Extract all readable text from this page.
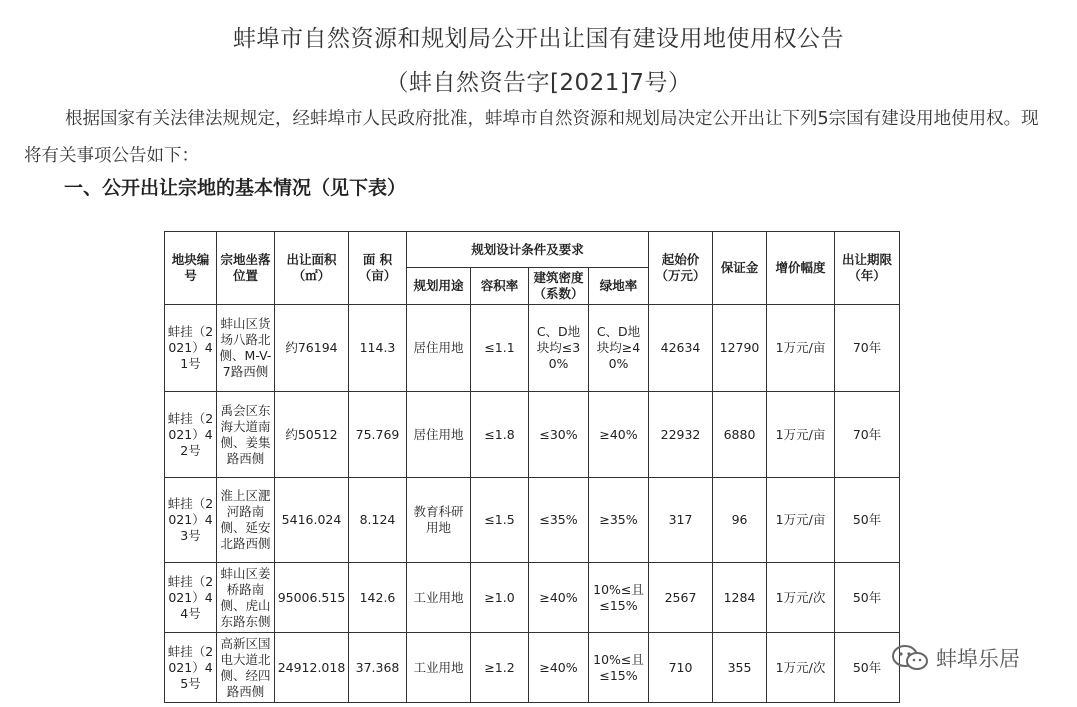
蚌埠市自然资源和规划局公开出让国有建设用地使用权公告
（蚌自然资告字[2021]7号）
根据国家有关法律法规规定，经蚌埠市人民政府批准，蚌埠市自然资源和规划局决定公开出让下列5宗国有建设用地使用权。现将有关事项公告如下：
一、公开出让宗地的基本情况（见下表）
地块编号	宗地坐落位置	出让面积（㎡）	面 积（亩）	规划设计条件及要求				起始价（万元）	保证金	增价幅度	出让期限（年）
				规划用途	容积率	建筑密度（系数）	绿地率				
蚌挂（2021）41号	蚌山区货场八路北侧、M-V-7路西侧	约76194	114.3	居住用地	≤1.1	C、D地块均≤30%	C、D地块均≥40%	42634	12790	1万元/亩	70年
蚌挂（2021）42号	禹会区东海大道南侧、姜集路西侧	约50512	75.769	居住用地	≤1.8	≤30%	≥40%	22932	6880	1万元/亩	70年
蚌挂（2021）43号	淮上区淝河路南侧、延安北路西侧	5416.024	8.124	教育科研用地	≤1.5	≤35%	≥35%	317	96	1万元/亩	50年
蚌挂（2021）44号	蚌山区姜桥路南侧、虎山东路东侧	95006.515	142.6	工业用地	≥1.0	≥40%	10%≤且≤15%	2567	1284	1万元/次	50年
蚌挂（2021）45号	高新区国电大道北侧、经四路西侧	24912.018	37.368	工业用地	≥1.2	≥40%	10%≤且≤15%	710	355	1万元/次	50年	蚌埠乐居
